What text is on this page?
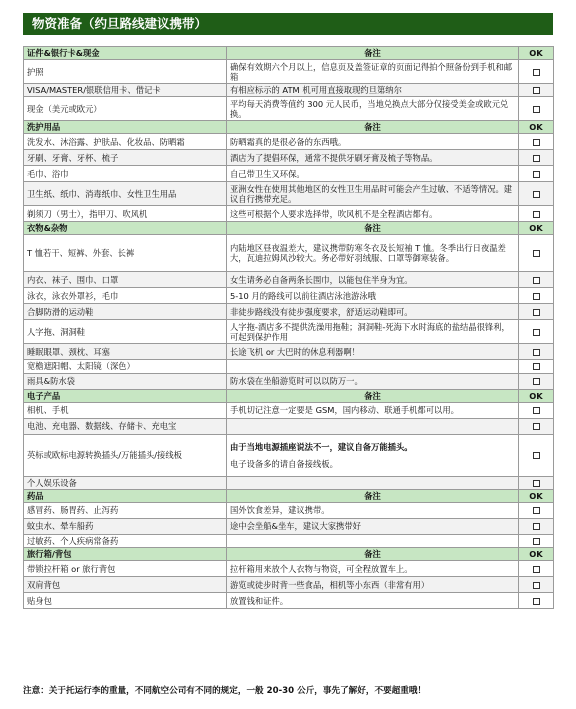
物资准备（约旦路线建议携带）
证件&银行卡&现金	备注	OK
护照	确保有效期六个月以上，信息页及盖签证章的页面记得拍个照备份到手机和邮箱	
VISA/MASTER/银联信用卡、借记卡	有相应标示的 ATM 机可用直接取现约旦第纳尔	
现金（美元或欧元）	平均每天消费等值约 300 元人民币，当地兑换点大部分仅接受美金或欧元兑换。	
洗护用品	备注	OK
洗发水、沐浴露、护肤品、化妆品、防晒霜	防晒霜真的是很必备的东西哦。	
牙刷、牙膏、牙杯、梳子	酒店为了提倡环保，通常不提供牙刷牙膏及梳子等物品。	
毛巾、浴巾	自己带卫生又环保。	
卫生纸、纸巾、消毒纸巾、女性卫生用品	亚洲女性在使用其他地区的女性卫生用品时可能会产生过敏、不适等情况。建议自行携带充足。	
剃须刀（男士），指甲刀、吹风机	这些可根据个人要求选择带，吹风机不是全程酒店都有。	
衣物&杂物	备注	OK
T 恤若干、短裤、外套、长裤	内陆地区昼夜温差大，建议携带防寒冬衣及长短袖 T 恤。冬季出行日夜温差大，瓦迪拉姆风沙较大。务必带好羽绒服、口罩等御寒装备。	
内衣、袜子、围巾、口罩	女生请务必自备两条长围巾，以能包住半身为宜。	
泳衣，泳衣外罩衫，毛巾	5-10 月的路线可以前往酒店泳池游泳哦	
合脚防滑的运动鞋	非徒步路线没有徒步强度要求，舒适运动鞋即可。	
人字拖、洞洞鞋	人字拖-酒店多不提供洗澡用拖鞋；洞洞鞋-死海下水时海底的盐结晶很锋利，可起到保护作用	
睡眠眼罩、颈枕、耳塞	长途飞机 or 大巴时的休息利器啊！	
宽檐遮阳帽、太阳镜（深色）		
雨具&防水袋	防水袋在坐船游览时可以以防万一。	
电子产品	备注	OK
相机、手机	手机切记注意一定要是 GSM，国内移动、联通手机都可以用。	
电池、充电器、数据线、存储卡、充电宝		
英标或欧标电源转换插头/万能插头/接线板	由于当地电源插座说法不一，建议自备万能插头。
电子设备多的请自备接线板。	
个人娱乐设备		
药品	备注	OK
感冒药、肠胃药、止泻药	国外饮食差异，建议携带。	
蚊虫水、晕车船药	途中会坐船&坐车，建议大家携带好	
过敏药、个人疾病常备药		
旅行箱/背包	备注	OK
带锁拉杆箱 or 旅行背包	拉杆箱用来放个人衣物与物资，可全程放置车上。	
双肩背包	游览或徒步时背一些食品，相机等小东西（非常有用）	
贴身包	放置钱和证件。	
注意：关于托运行李的重量，不同航空公司有不同的规定，一般 20-30 公斤，事先了解好，不要超重哦！
